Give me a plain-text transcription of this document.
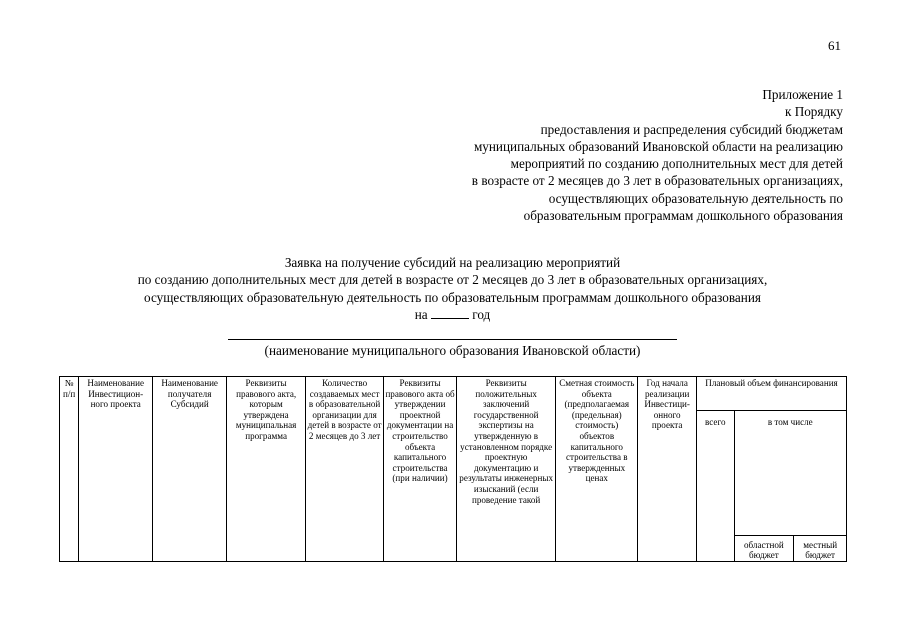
61
Приложение 1
к Порядку
предоставления и распределения субсидий бюджетам
муниципальных образований Ивановской области на реализацию
мероприятий по созданию дополнительных мест для детей
в возрасте от 2 месяцев до 3 лет в образовательных организациях,
осуществляющих образовательную деятельность по
образовательным программам дошкольного образования
Заявка на получение субсидий на реализацию мероприятий
по созданию дополнительных мест для детей в возрасте от 2 месяцев до 3 лет в образовательных организациях,
осуществляющих образовательную деятельность по образовательным программам дошкольного образования
на	год
(наименование муниципального образования Ивановской области)
№ п/п	Наименование Инвестицион-ного проекта	Наименование получателя Субсидий	Реквизиты правового акта, которым утверждена муниципальная программа	Количество создаваемых мест в образовательной организации для детей в возрасте от 2 месяцев до 3 лет	Реквизиты правового акта об утверждении проектной документации на строительство объекта капитального строительства (при наличии)	Реквизиты положительных заключений государственной экспертизы на утвержденную в установленном порядке проектную документацию и результаты инженерных изысканий (если проведение такой	Сметная стоимость объекта (предполагаемая (предельная) стоимость) объектов капитального строительства в утвержденных ценах	Год начала реализации Инвестици-онного проекта	Плановый объем финансирования		
									всего	в том числе	
										областной бюджет	местный бюджет
